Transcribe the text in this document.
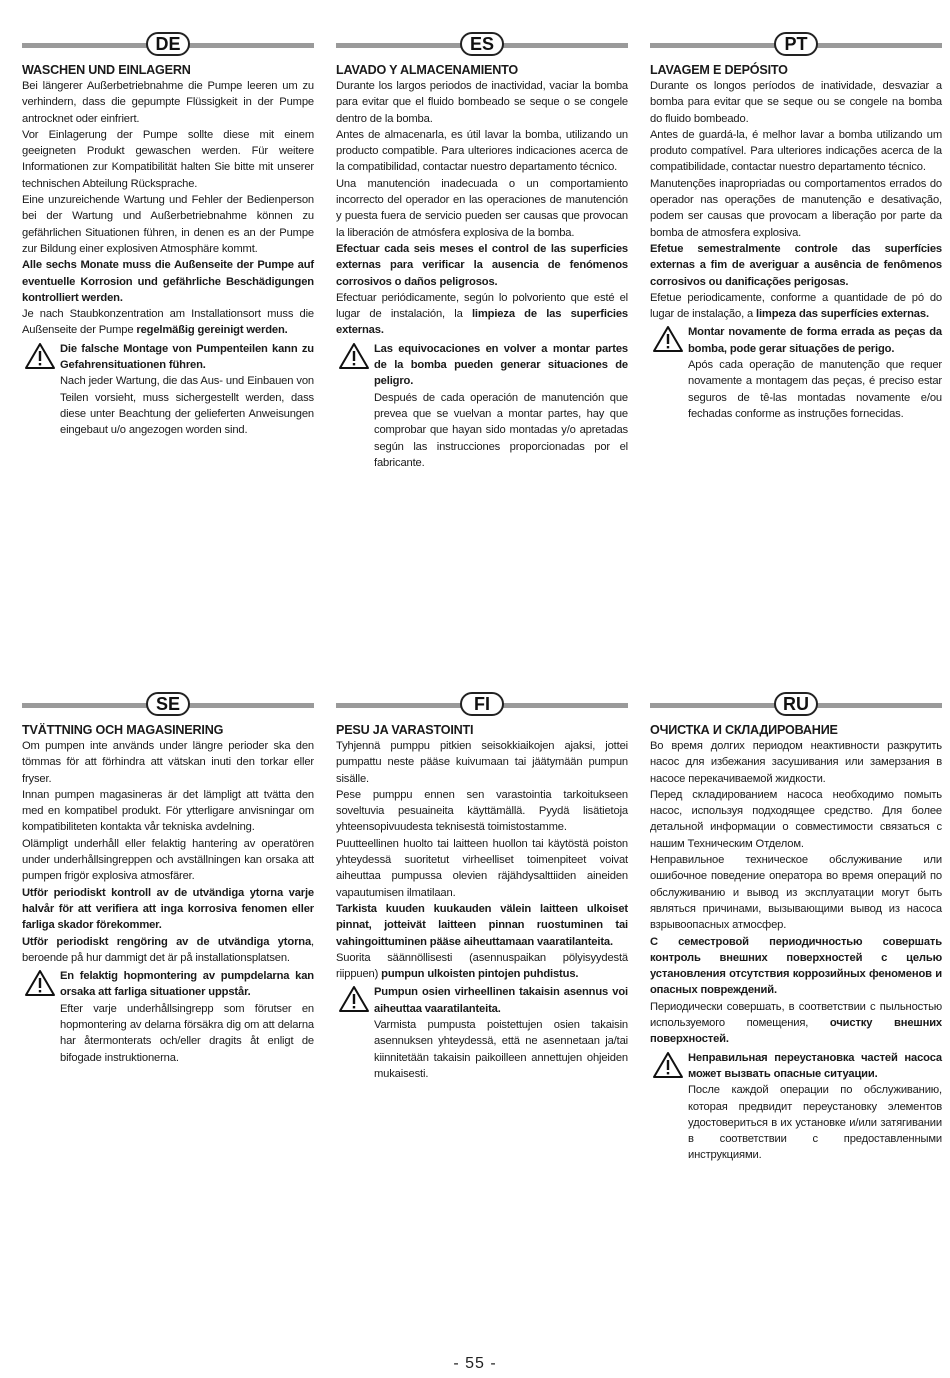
DE
WASCHEN UND EINLAGERN

Bei längerer Außerbetriebnahme die Pumpe leeren um zu verhindern, dass die gepumpte Flüssigkeit in der Pumpe antrocknet oder einfriert.

Vor Einlagerung der Pumpe sollte diese mit einem geeigneten Produkt gewaschen werden. Für weitere Informationen zur Kompatibilität halten Sie bitte mit unserer technischen Abteilung Rücksprache.

Eine unzureichende Wartung und Fehler der Bedienperson bei der Wartung und Außerbetriebnahme können zu gefährlichen Situationen führen, in denen es an der Pumpe zur Bildung einer explosiven Atmosphäre kommt.

Alle sechs Monate muss die Außenseite der Pumpe auf eventuelle Korrosion und gefährliche Beschädigungen kontrolliert werden.

Je nach Staubkonzentration am Installationsort muss die Außenseite der Pumpe regelmäßig gereinigt werden.

Die falsche Montage von Pumpenteilen kann zu Gefahrensituationen führen.
Nach jeder Wartung, die das Aus- und Einbauen von Teilen vorsieht, muss sichergestellt werden, dass diese unter Beachtung der gelieferten Anweisungen eingebaut u/o angezogen worden sind.
ES
LAVADO Y ALMACENAMIENTO

Durante los largos periodos de inactividad, vaciar la bomba para evitar que el fluido bombeado se seque o se congele dentro de la bomba.

Antes de almacenarla, es útil lavar la bomba, utilizando un producto compatible. Para ulteriores indicaciones acerca de la compatibilidad, contactar nuestro departamento técnico.

Una manutención inadecuada o un comportamiento incorrecto del operador en las operaciones de manutención y puesta fuera de servicio pueden ser causas que provocan la liberación de atmósfera explosiva de la bomba.

Efectuar cada seis meses el control de las superficies externas para verificar la ausencia de fenómenos corrosivos o daños peligrosos.

Efectuar periódicamente, según lo polvoriento que esté el lugar de instalación, la limpieza de las superficies externas.

Las equivocaciones en volver a montar partes de la bomba pueden generar situaciones de peligro.
Después de cada operación de manutención que prevea que se vuelvan a montar partes, hay que comprobar que hayan sido montadas y/o apretadas según las instrucciones proporcionadas por el fabricante.
PT
LAVAGEM E DEPÓSITO

Durante os longos períodos de inatividade, desvaziar a bomba para evitar que se seque ou se congele na bomba do fluido bombeado.

Antes de guardá-la, é melhor lavar a bomba utilizando um produto compatível. Para ulteriores indicações acerca de la compatibilidade, contactar nuestro departamento técnico.

Manutenções inapropriadas ou comportamentos errados do operador nas operações de manutenção e desativação, podem ser causas que provocam a liberação por parte da bomba de atmosfera explosiva.

Efetue semestralmente controle das superfícies externas a fim de averiguar a ausência de fenômenos corrosivos ou danificações perigosas.

Efetue periodicamente, conforme a quantidade de pó do lugar de instalação, a limpeza das superfícies externas.

Montar novamente de forma errada as peças da bomba, pode gerar situações de perigo.
Após cada operação de manutenção que requer novamente a montagem das peças, é preciso estar seguros de tê-las montadas novamente e/ou fechadas conforme as instruções fornecidas.
SE
TVÄTTNING OCH MAGASINERING

Om pumpen inte används under längre perioder ska den tömmas för att förhindra att vätskan inuti den torkar eller fryser.

Innan pumpen magasineras är det lämpligt att tvätta den med en kompatibel produkt. För ytterligare anvisningar om kompatibiliteten kontakta vår tekniska avdelning.

Olämpligt underhåll eller felaktig hantering av operatören under underhållsingreppen och avställningen kan orsaka att pumpen frigör explosiva atmosfärer.

Utför periodiskt kontroll av de utvändiga ytorna varje halvår för att verifiera att inga korrosiva fenomen eller farliga skador förekommer.

Utför periodiskt rengöring av de utvändiga ytorna, beroende på hur dammigt det är på installationsplatsen.

En felaktig hopmontering av pumpdelarna kan orsaka att farliga situationer uppstår.
Efter varje underhållsingrepp som förutser en hopmontering av delarna försäkra dig om att delarna har återmonterats och/eller dragits åt enligt de bifogade instruktionerna.
FI
PESU JA VARASTOINTI

Tyhjennä pumppu pitkien seisokkiaikojen ajaksi, jottei pumpattu neste pääse kuivumaan tai jäätymään pumpun sisälle.

Pese pumppu ennen sen varastointia tarkoitukseen soveltuvia pesuaineita käyttämällä. Pyydä lisätietoja yhteensopivuudesta teknisestä toimistostamme.

Puutteellinen huolto tai laitteen huollon tai käytöstä poiston yhteydessä suoritetut virheelliset toimenpiteet voivat aiheuttaa pumpussa olevien räjähdysalttiiden aineiden vapautumisen ilmatilaan.

Tarkista kuuden kuukauden välein laitteen ulkoiset pinnat, jotteivät laitteen pinnan ruostuminen tai vahingoittuminen pääse aiheuttamaan vaaratilanteita.

Suorita säännöllisesti (asennuspaikan pölyisyydestä riippuen) pumpun ulkoisten pintojen puhdistus.

Pumpun osien virheellinen takaisin asennus voi aiheuttaa vaaratilanteita.
Varmista pumpusta poistettujen osien takaisin asennuksen yhteydessä, että ne asennetaan ja/tai kiinnitetään takaisin paikoilleen annettujen ohjeiden mukaisesti.
RU
ОЧИСТКА И СКЛАДИРОВАНИЕ

Во время долгих периодом неактивности разкрутить насос для избежания засушивания или замерзания в насосе перекачиваемой жидкости.

Перед складированием насоса необходимо помыть насос, используя подходящее средство. Для более детальной информации о совместимости связаться с нашим Техническим Отделом.

Неправильное техническое обслуживание или ошибочное поведение оператора во время операций по обслуживанию и вывод из эксплуатации могут быть являться причинами, вызывающими вывод из насоса взрывоопасных атмосфер.

С семестровой периодичностью совершать контроль внешних поверхностей с целью установления отсутствия коррозийных феноменов и опасных повреждений.

Периодически совершать, в соответствии с пыльностью используемого помещения, очистку внешних поверхностей.

Неправильная переустановка частей насоса может вызвать опасные ситуации.
После каждой операции по обслуживанию, которая предвидит переустановку элементов удостовериться в их установке и/или затягивании в соответствии с предоставленными инструкциями.
- 55 -
